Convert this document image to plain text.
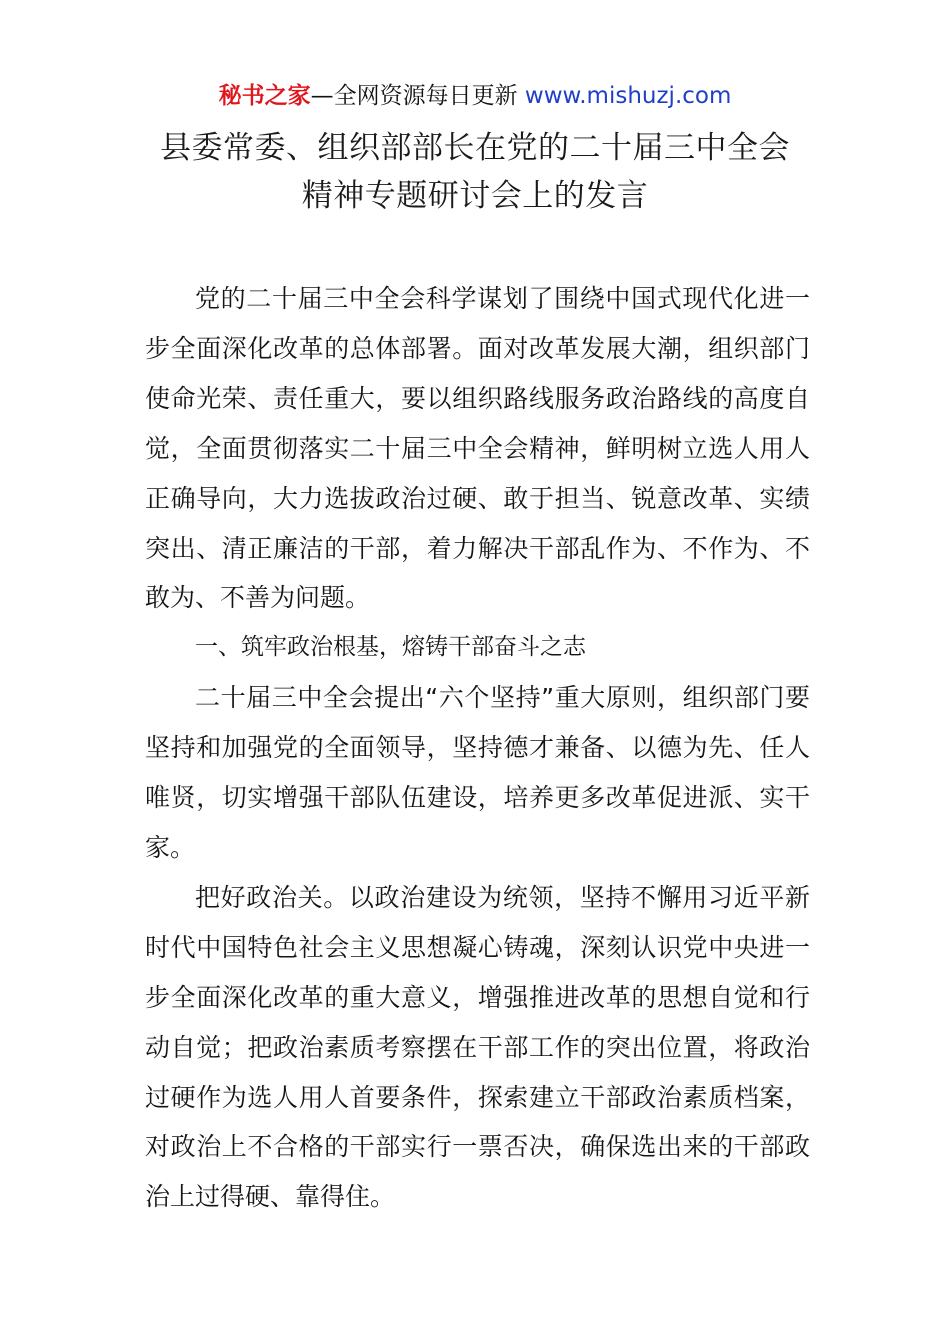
秘书之家—全网资源每日更新 www.mishuzj.com
县委常委、组织部部长在党的二十届三中全会
精神专题研讨会上的发言

党的二十届三中全会科学谋划了围绕中国式现代化进一步全面深化改革的总体部署。面对改革发展大潮，组织部门使命光荣、责任重大，要以组织路线服务政治路线的高度自觉，全面贯彻落实二十届三中全会精神，鲜明树立选人用人正确导向，大力选拔政治过硬、敢于担当、锐意改革、实绩突出、清正廉洁的干部，着力解决干部乱作为、不作为、不敢为、不善为问题。

一、筑牢政治根基，熔铸干部奋斗之志

二十届三中全会提出“六个坚持”重大原则，组织部门要坚持和加强党的全面领导，坚持德才兼备、以德为先、任人唯贤，切实增强干部队伍建设，培养更多改革促进派、实干家。

把好政治关。以政治建设为统领，坚持不懈用习近平新时代中国特色社会主义思想凝心铸魂，深刻认识党中央进一步全面深化改革的重大意义，增强推进改革的思想自觉和行动自觉；把政治素质考察摆在干部工作的突出位置，将政治过硬作为选人用人首要条件，探索建立干部政治素质档案，对政治上不合格的干部实行一票否决，确保选出来的干部政治上过得硬、靠得住。
